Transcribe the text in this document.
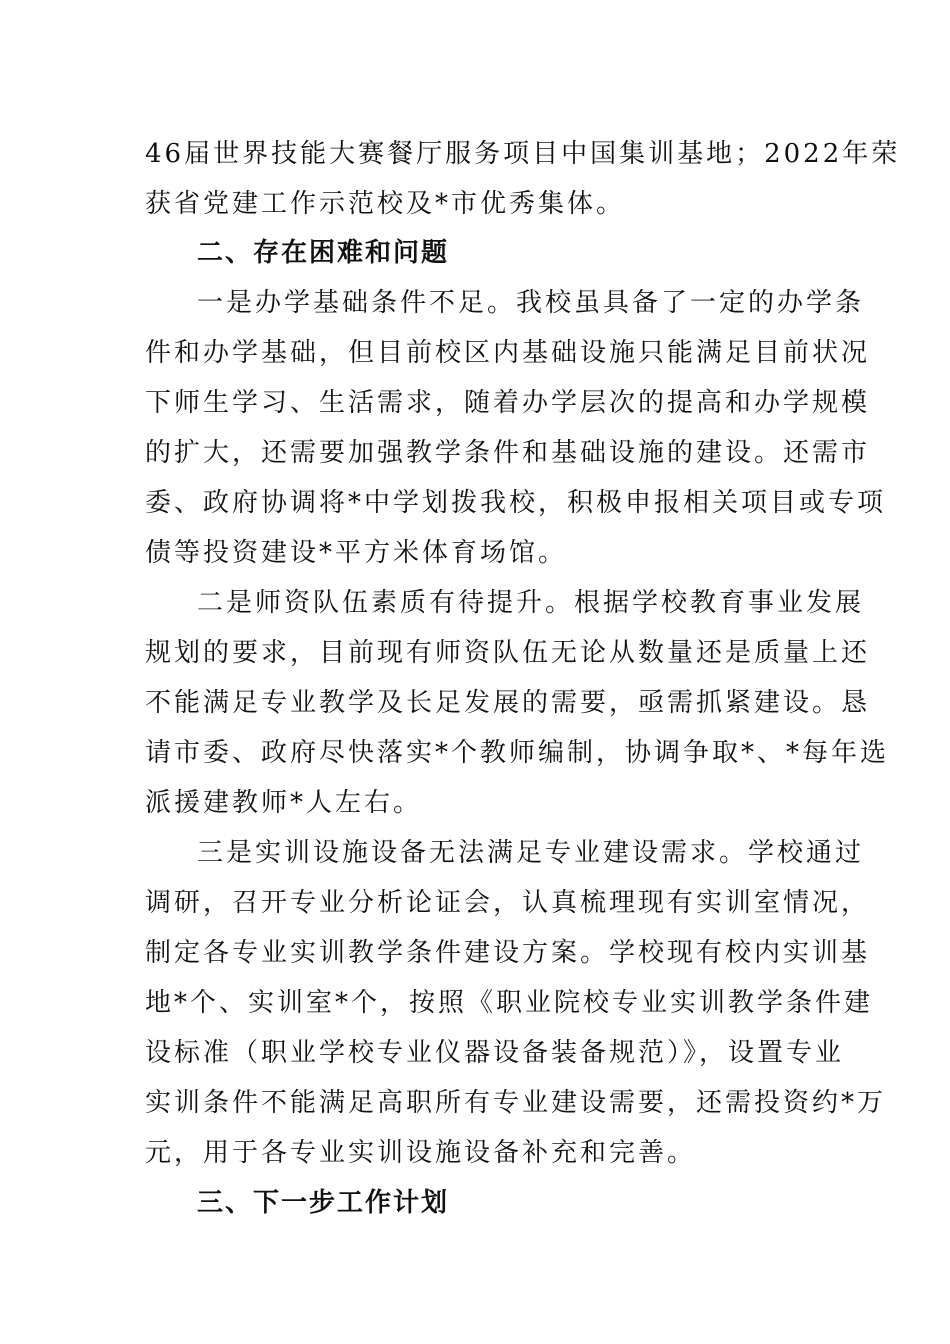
46届世界技能大赛餐厅服务项目中国集训基地；2022年荣
获省党建工作示范校及*市优秀集体。
二、存在困难和问题
一是办学基础条件不足。我校虽具备了一定的办学条
件和办学基础，但目前校区内基础设施只能满足目前状况
下师生学习、生活需求，随着办学层次的提高和办学规模
的扩大，还需要加强教学条件和基础设施的建设。还需市
委、政府协调将*中学划拨我校，积极申报相关项目或专项
债等投资建设*平方米体育场馆。
二是师资队伍素质有待提升。根据学校教育事业发展
规划的要求，目前现有师资队伍无论从数量还是质量上还
不能满足专业教学及长足发展的需要，亟需抓紧建设。恳
请市委、政府尽快落实*个教师编制，协调争取*、*每年选
派援建教师*人左右。
三是实训设施设备无法满足专业建设需求。学校通过
调研，召开专业分析论证会，认真梳理现有实训室情况，
制定各专业实训教学条件建设方案。学校现有校内实训基
地*个、实训室*个，按照《职业院校专业实训教学条件建
设标准（职业学校专业仪器设备装备规范）》，设置专业
实训条件不能满足高职所有专业建设需要，还需投资约*万
元，用于各专业实训设施设备补充和完善。
三、下一步工作计划
